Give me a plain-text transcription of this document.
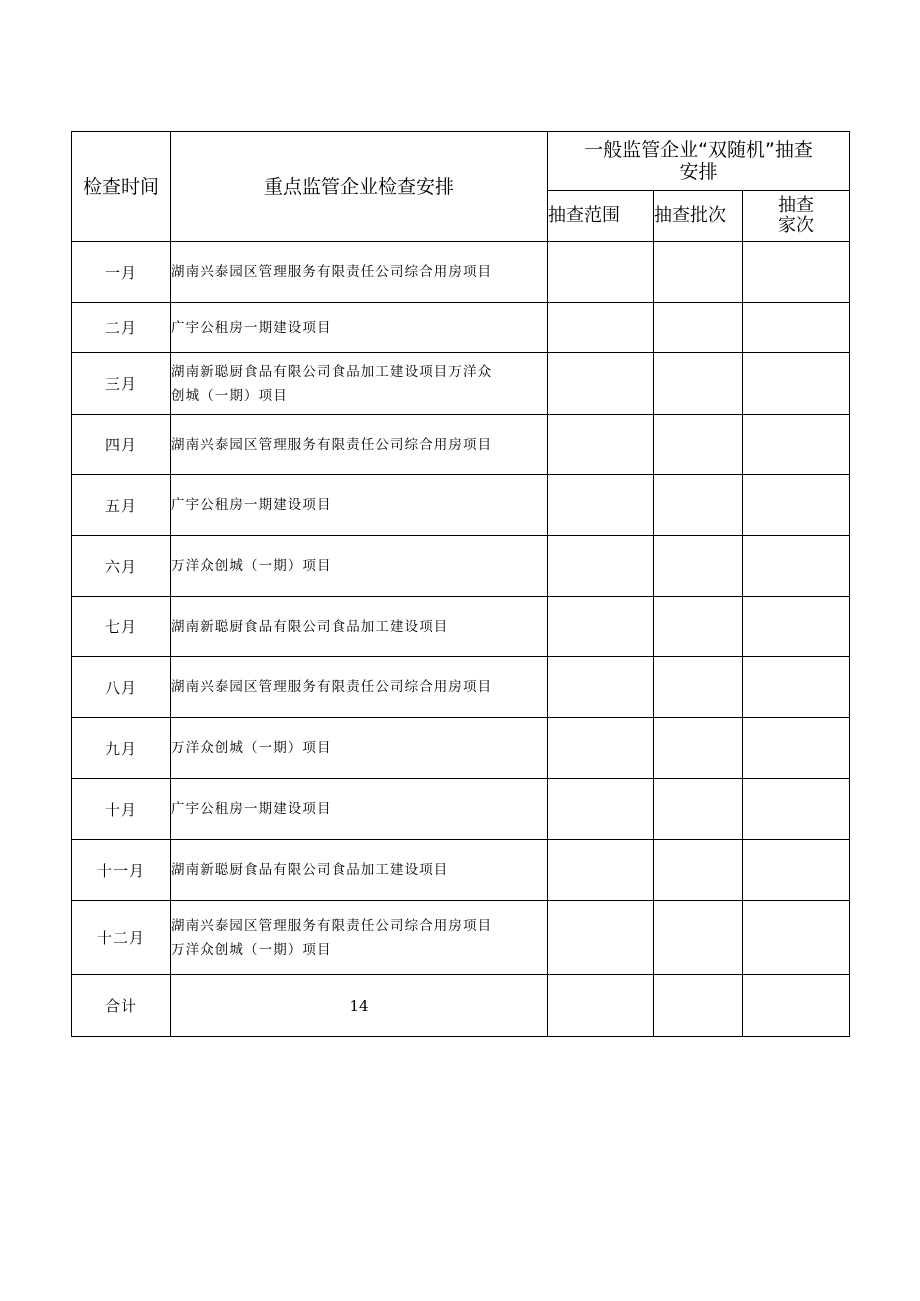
检查时间	重点监管企业检查安排	一般监管企业“双随机”抽查
安排		

		抽查范围	抽查批次	抽查
家次

一月	湖南兴泰园区管理服务有限责任公司综合用房项目			

二月	广宇公租房一期建设项目			

三月	湖南新聪厨食品有限公司食品加工建设项目万洋众
创城（一期）项目			

四月	湖南兴泰园区管理服务有限责任公司综合用房项目			

五月	广宇公租房一期建设项目			

六月	万洋众创城（一期）项目			

七月	湖南新聪厨食品有限公司食品加工建设项目			

八月	湖南兴泰园区管理服务有限责任公司综合用房项目			

九月	万洋众创城（一期）项目			

十月	广宇公租房一期建设项目			

十一月	湖南新聪厨食品有限公司食品加工建设项目			

十二月	湖南兴泰园区管理服务有限责任公司综合用房项目
万洋众创城（一期）项目			

合计	14			
